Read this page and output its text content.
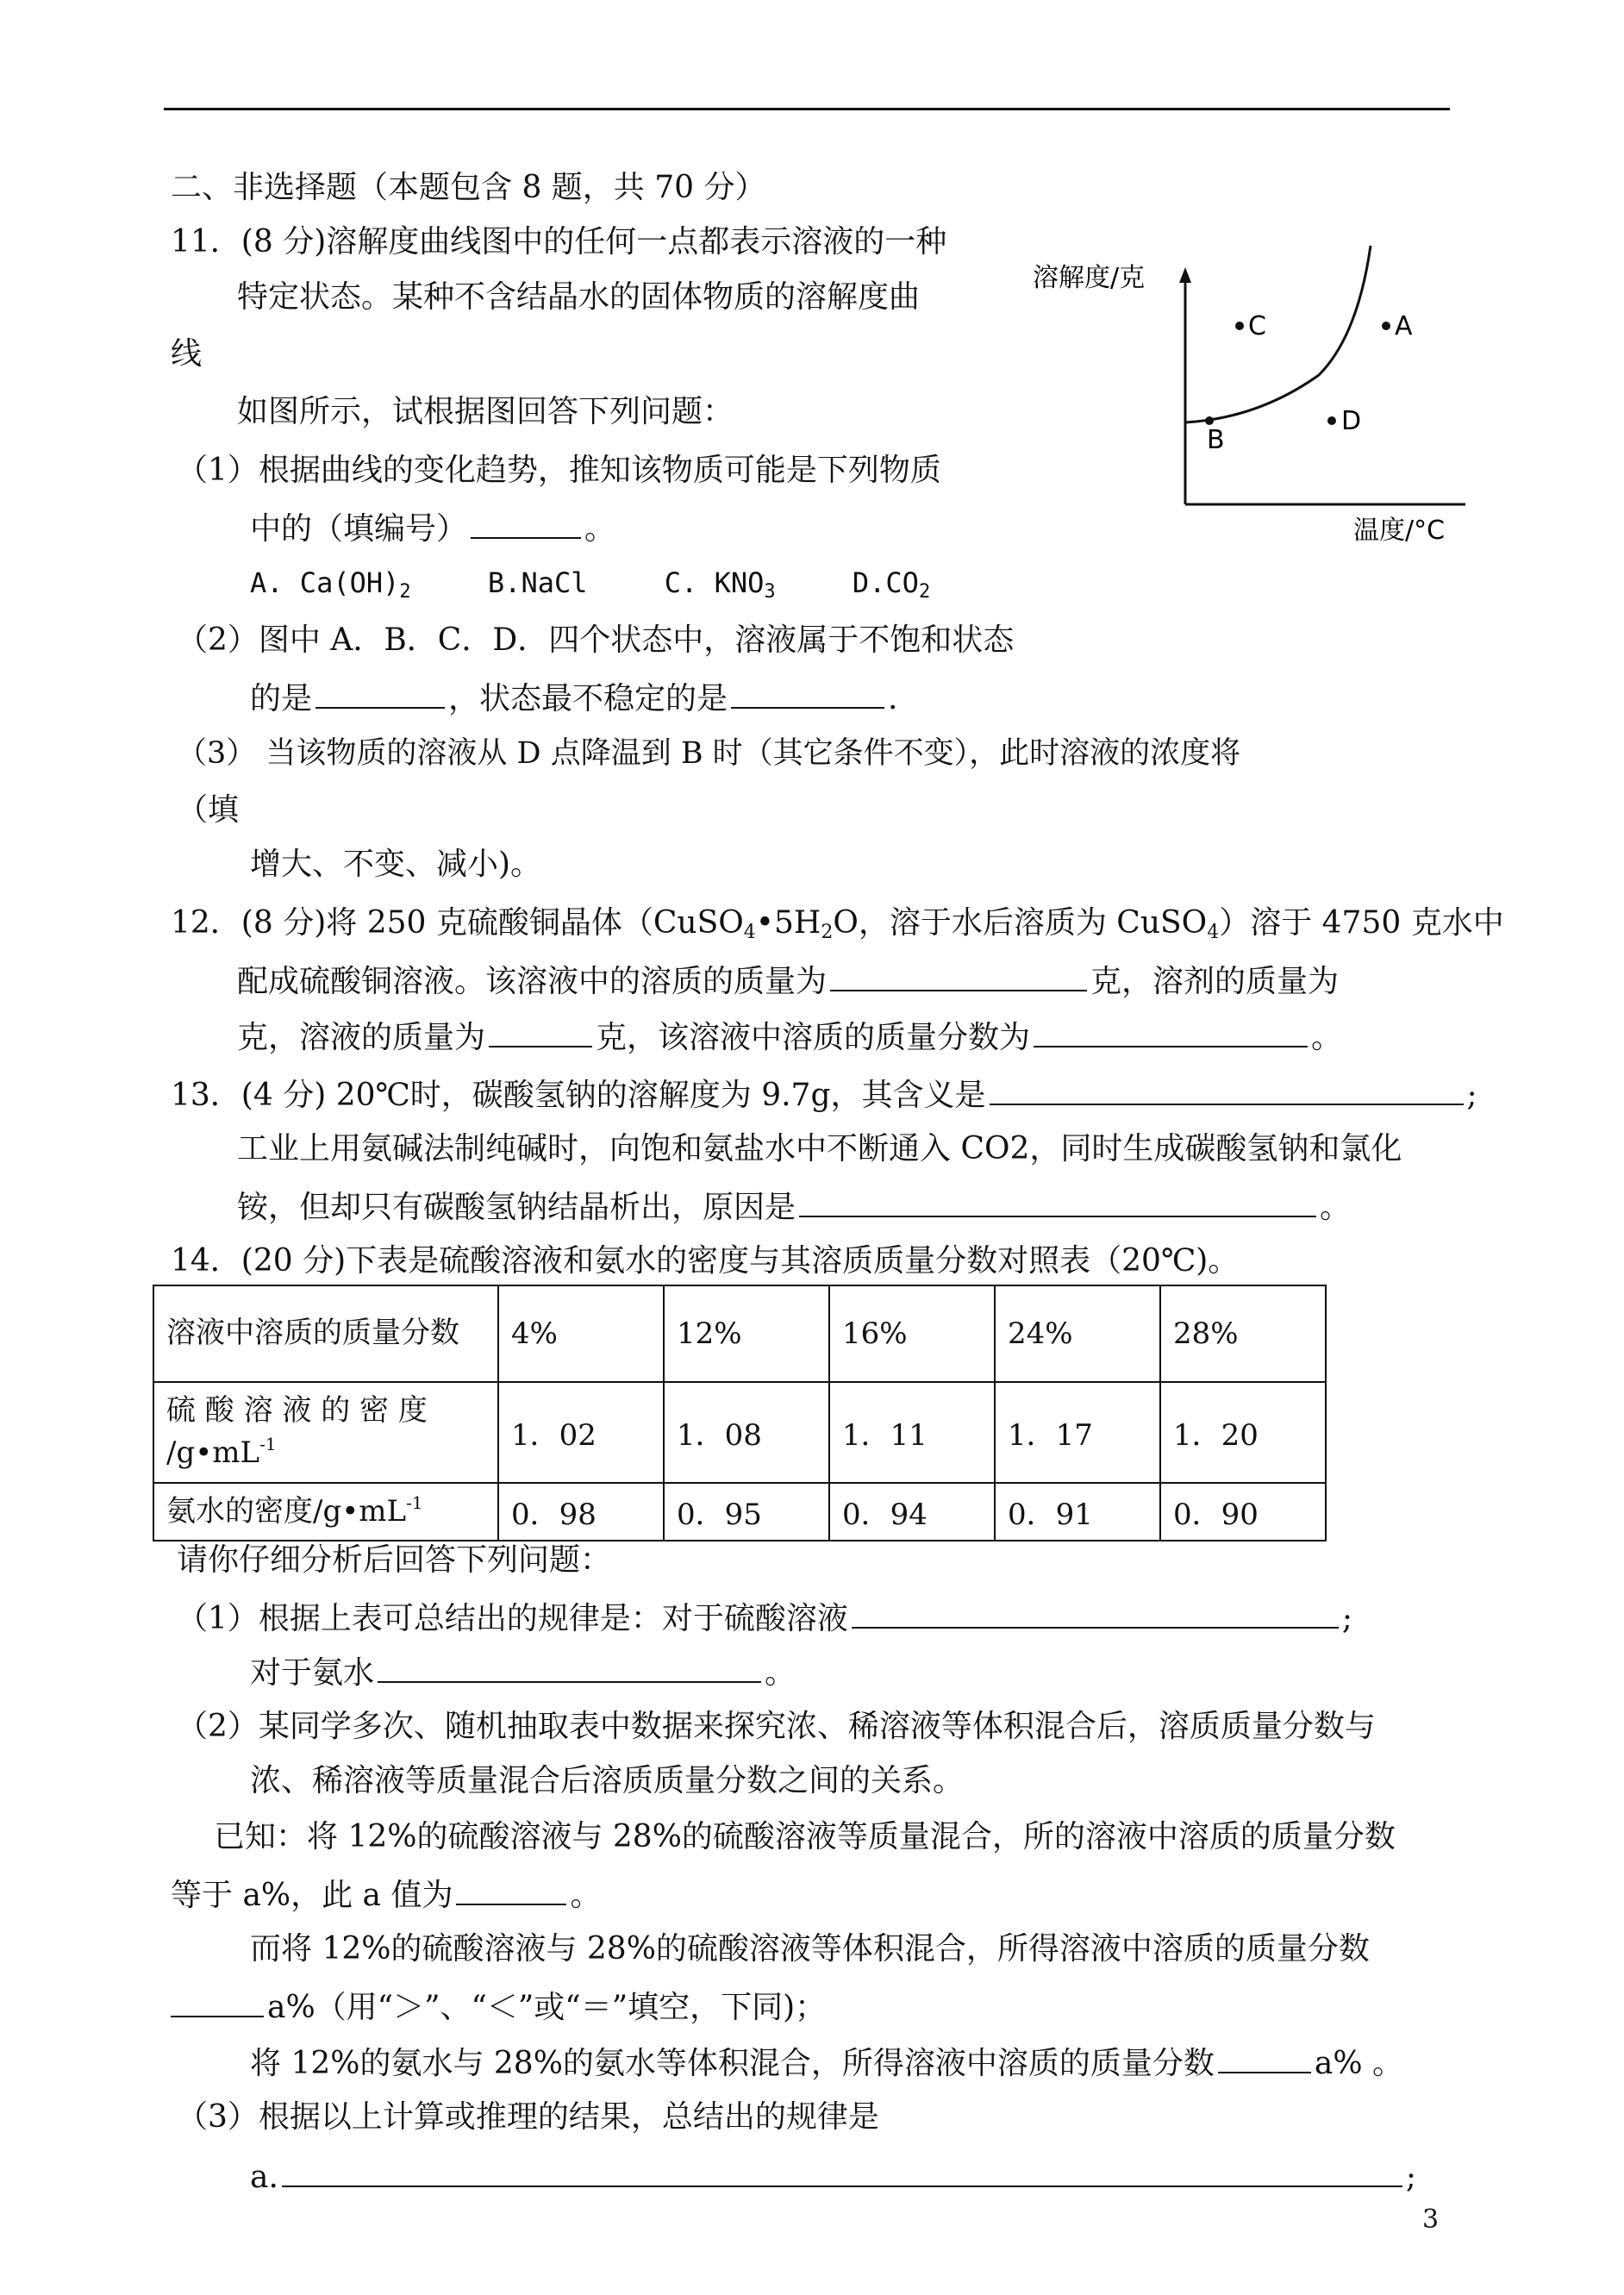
二、非选择题（本题包含 8 题，共 70 分）
11．(8 分)溶解度曲线图中的任何一点都表示溶液的一种
特定状态。某种不含结晶水的固体物质的溶解度曲
线
如图所示，试根据图回答下列问题：
（1）根据曲线的变化趋势，推知该物质可能是下列物质
中的（填编号）	。
A. $Ca(OH)_2$	B.NaCl	C. $KNO_3$	$D.CO_2$
（2）图中 A．B．C．D．四个状态中，溶液属于不饱和状态
的是	，状态最不稳定的是	.
（3） 当该物质的溶液从 D 点降温到 B 时（其它条件不变），此时溶液的浓度将
（填
增大、不变、减小)。
溶解度/克
温度/°C
C	A
B
D
12．(8 分)将 250 克硫酸铜晶体（$CuSO_4•5H_2O$，溶于水后溶质为 CuSO$_4$）溶于 4750 克水中
配成硫酸铜溶液。该溶液中的溶质的质量为	克，溶剂的质量为
克，溶液的质量为	克，该溶液中溶质的质量分数为	。
13．(4 分) 20℃时，碳酸氢钠的溶解度为 9.7g，其含义是	;
工业上用氨碱法制纯碱时，向饱和氨盐水中不断通入 CO2，同时生成碳酸氢钠和氯化
铵，但却只有碳酸氢钠结晶析出，原因是	。
14．(20 分)下表是硫酸溶液和氨水的密度与其溶质质量分数对照表（20℃)。
溶液中溶质的质量分数	4%	12%	16%	24%	28%

硫 酸 溶 液 的 密 度
$/g•mL^{-1}$	1．02	1．08	1．11	1．17	1．20
氨水的密度$/g•mL^{-1}$	0．98	0．95	0．94	0．91	0．90
请你仔细分析后回答下列问题：
（1）根据上表可总结出的规律是：对于硫酸溶液	;
对于氨水	。
（2）某同学多次、随机抽取表中数据来探究浓、稀溶液等体积混合后，溶质质量分数与
浓、稀溶液等质量混合后溶质质量分数之间的关系。
已知：将 12%的硫酸溶液与 28%的硫酸溶液等质量混合，所的溶液中溶质的质量分数
等于 a%，此 a 值为	。
而将 12%的硫酸溶液与 28%的硫酸溶液等体积混合，所得溶液中溶质的质量分数
a%（用“＞”、“＜”或“＝”填空，下同)；
将 12%的氨水与 28%的氨水等体积混合，所得溶液中溶质的质量分数	a% 。
（3）根据以上计算或推理的结果，总结出的规律是
a.	;
3
